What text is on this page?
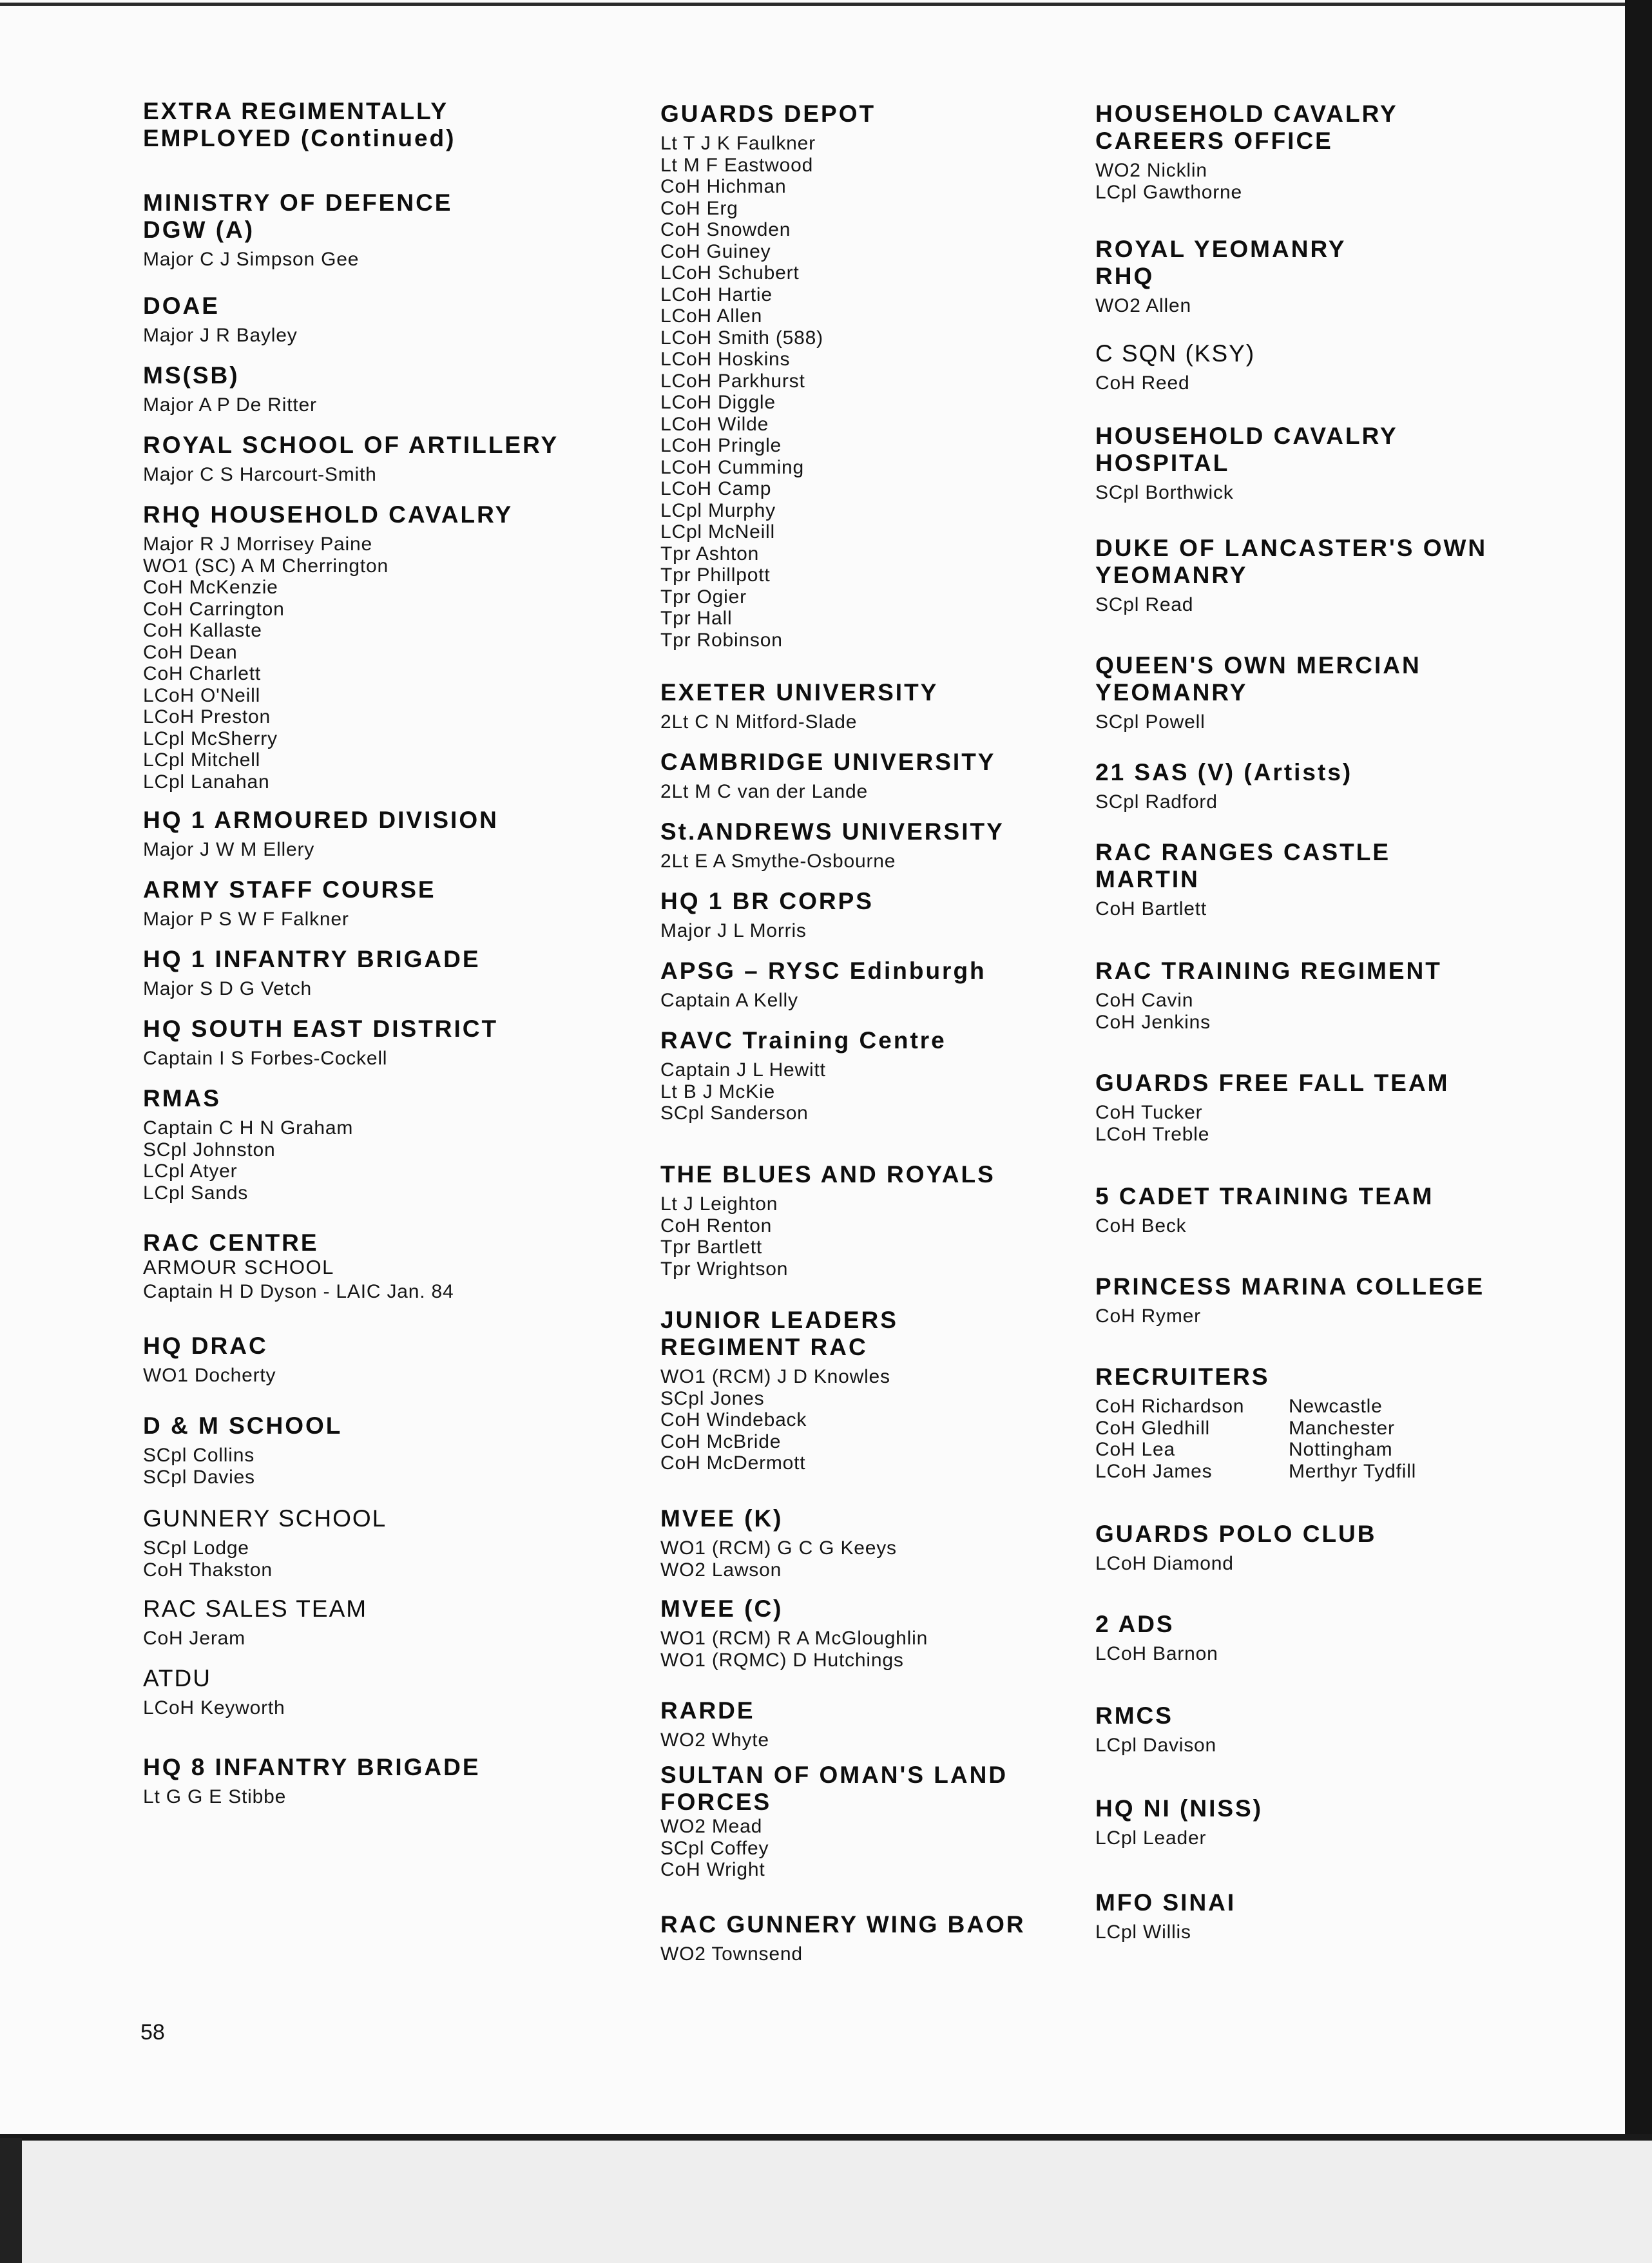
EXTRA REGIMENTALLY
EMPLOYED (Continued)
MINISTRY OF DEFENCE
DGW (A)
Major C J Simpson Gee
DOAE
Major J R Bayley
MS(SB)
Major A P De Ritter
ROYAL SCHOOL OF ARTILLERY
Major C S Harcourt-Smith
RHQ HOUSEHOLD CAVALRY
Major R J Morrisey Paine
WO1 (SC) A M Cherrington
CoH McKenzie
CoH Carrington
CoH Kallaste
CoH Dean
CoH Charlett
LCoH O'Neill
LCoH Preston
LCpl McSherry
LCpl Mitchell
LCpl Lanahan
HQ 1 ARMOURED DIVISION
Major J W M Ellery
ARMY STAFF COURSE
Major P S W F Falkner
HQ 1 INFANTRY BRIGADE
Major S D G Vetch
HQ SOUTH EAST DISTRICT
Captain I S Forbes-Cockell
RMAS
Captain C H N Graham
SCpl Johnston
LCpl Atyer
LCpl Sands
RAC CENTRE
ARMOUR SCHOOL
Captain H D Dyson - LAIC Jan. 84
HQ DRAC
WO1 Docherty
D & M SCHOOL
SCpl Collins
SCpl Davies
GUNNERY SCHOOL
SCpl Lodge
CoH Thakston
RAC SALES TEAM
CoH Jeram
ATDU
LCoH Keyworth
HQ 8 INFANTRY BRIGADE
Lt G G E Stibbe
GUARDS DEPOT
Lt T J K Faulkner
Lt M F Eastwood
CoH Hichman
CoH Erg
CoH Snowden
CoH Guiney
LCoH Schubert
LCoH Hartie
LCoH Allen
LCoH Smith (588)
LCoH Hoskins
LCoH Parkhurst
LCoH Diggle
LCoH Wilde
LCoH Pringle
LCoH Cumming
LCoH Camp
LCpl Murphy
LCpl McNeill
Tpr Ashton
Tpr Phillpott
Tpr Ogier
Tpr Hall
Tpr Robinson
EXETER UNIVERSITY
2Lt C N Mitford-Slade
CAMBRIDGE UNIVERSITY
2Lt M C van der Lande
St.ANDREWS UNIVERSITY
2Lt E A Smythe-Osbourne
HQ 1 BR CORPS
Major J L Morris
APSG – RYSC Edinburgh
Captain A Kelly
RAVC Training Centre
Captain J L Hewitt
Lt B J McKie
SCpl Sanderson
THE BLUES AND ROYALS
Lt J Leighton
CoH Renton
Tpr Bartlett
Tpr Wrightson
JUNIOR LEADERS
REGIMENT RAC
WO1 (RCM) J D Knowles
SCpl Jones
CoH Windeback
CoH McBride
CoH McDermott
MVEE (K)
WO1 (RCM) G C G Keeys
WO2 Lawson
MVEE (C)
WO1 (RCM) R A McGloughlin
WO1 (RQMC) D Hutchings
RARDE
WO2 Whyte
SULTAN OF OMAN'S LAND
FORCES
WO2 Mead
SCpl Coffey
CoH Wright
RAC GUNNERY WING BAOR
WO2 Townsend
HOUSEHOLD CAVALRY
CAREERS OFFICE
WO2 Nicklin
LCpl Gawthorne
ROYAL YEOMANRY
RHQ
WO2 Allen
C SQN (KSY)
CoH Reed
HOUSEHOLD CAVALRY
HOSPITAL
SCpl Borthwick
DUKE OF LANCASTER'S OWN
YEOMANRY
SCpl Read
QUEEN'S OWN MERCIAN
YEOMANRY
SCpl Powell
21 SAS (V) (Artists)
SCpl Radford
RAC RANGES CASTLE
MARTIN
CoH Bartlett
RAC TRAINING REGIMENT
CoH Cavin
CoH Jenkins
GUARDS FREE FALL TEAM
CoH Tucker
LCoH Treble
5 CADET TRAINING TEAM
CoH Beck
PRINCESS MARINA COLLEGE
CoH Rymer
RECRUITERS
CoH Richardson
CoH Gledhill
CoH Lea
LCoH James
Newcastle
Manchester
Nottingham
Merthyr Tydfill
GUARDS POLO CLUB
LCoH Diamond
2 ADS
LCoH Barnon
RMCS
LCpl Davison
HQ NI (NISS)
LCpl Leader
MFO SINAI
LCpl Willis
58
